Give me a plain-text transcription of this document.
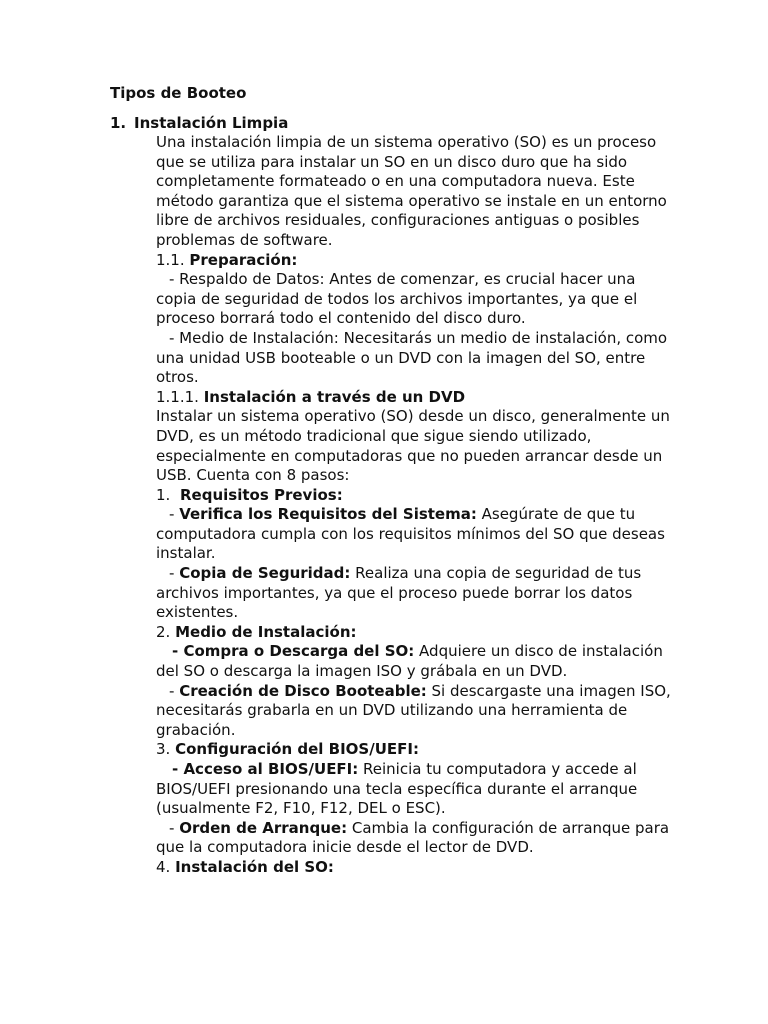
Tipos de Booteo
1. Instalación Limpia

Una instalación limpia de un sistema operativo (SO) es un proceso que se utiliza para instalar un SO en un disco duro que ha sido completamente formateado o en una computadora nueva. Este método garantiza que el sistema operativo se instale en un entorno libre de archivos residuales, configuraciones antiguas o posibles problemas de software.

1.1. Preparación:

- Respaldo de Datos: Antes de comenzar, es crucial hacer una copia de seguridad de todos los archivos importantes, ya que el proceso borrará todo el contenido del disco duro.

- Medio de Instalación: Necesitarás un medio de instalación, como una unidad USB booteable o un DVD con la imagen del SO, entre otros.

1.1.1. Instalación a través de un DVD

Instalar un sistema operativo (SO) desde un disco, generalmente un DVD, es un método tradicional que sigue siendo utilizado, especialmente en computadoras que no pueden arrancar desde un USB. Cuenta con 8 pasos:

1. Requisitos Previos:

- Verifica los Requisitos del Sistema: Asegúrate de que tu computadora cumpla con los requisitos mínimos del SO que deseas instalar.

- Copia de Seguridad: Realiza una copia de seguridad de tus archivos importantes, ya que el proceso puede borrar los datos existentes.

2. Medio de Instalación:

- Compra o Descarga del SO: Adquiere un disco de instalación del SO o descarga la imagen ISO y grábala en un DVD.

- Creación de Disco Booteable: Si descargaste una imagen ISO, necesitarás grabarla en un DVD utilizando una herramienta de grabación.

3. Configuración del BIOS/UEFI:

- Acceso al BIOS/UEFI: Reinicia tu computadora y accede al BIOS/UEFI presionando una tecla específica durante el arranque (usualmente F2, F10, F12, DEL o ESC).

- Orden de Arranque: Cambia la configuración de arranque para que la computadora inicie desde el lector de DVD.

4. Instalación del SO:
